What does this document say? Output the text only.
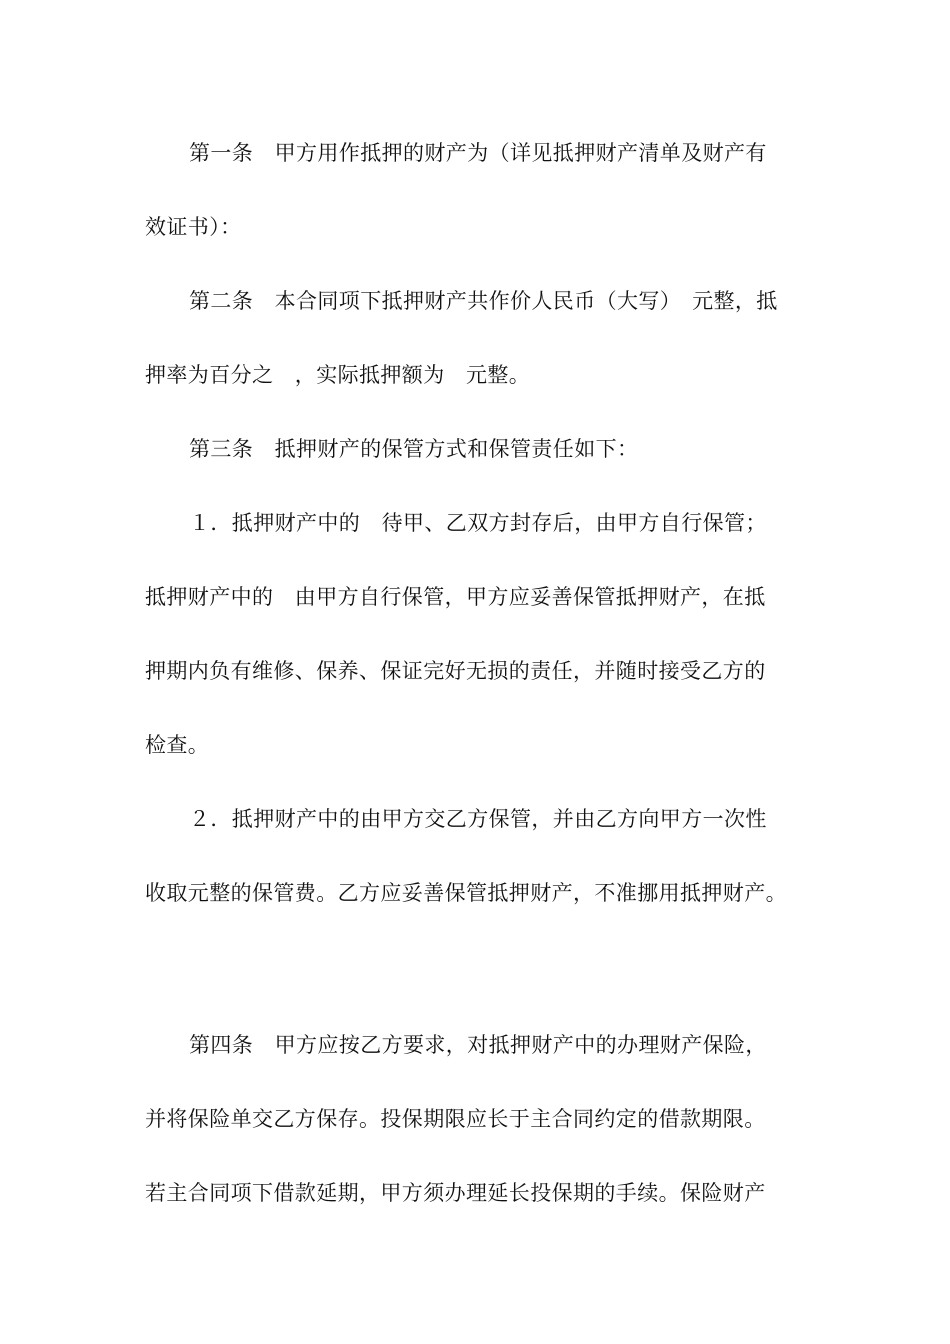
第一条　甲方用作抵押的财产为（详见抵押财产清单及财产有
效证书）：
第二条　本合同项下抵押财产共作价人民币（大写）　元整，抵
押率为百分之　，实际抵押额为　元整。
第三条　抵押财产的保管方式和保管责任如下：
１．抵押财产中的　待甲、乙双方封存后，由甲方自行保管；
抵押财产中的　由甲方自行保管，甲方应妥善保管抵押财产，在抵
押期内负有维修、保养、保证完好无损的责任，并随时接受乙方的
检查。
２．抵押财产中的由甲方交乙方保管，并由乙方向甲方一次性
收取元整的保管费。乙方应妥善保管抵押财产，不准挪用抵押财产。
第四条　甲方应按乙方要求，对抵押财产中的办理财产保险，
并将保险单交乙方保存。投保期限应长于主合同约定的借款期限。
若主合同项下借款延期，甲方须办理延长投保期的手续。保险财产
